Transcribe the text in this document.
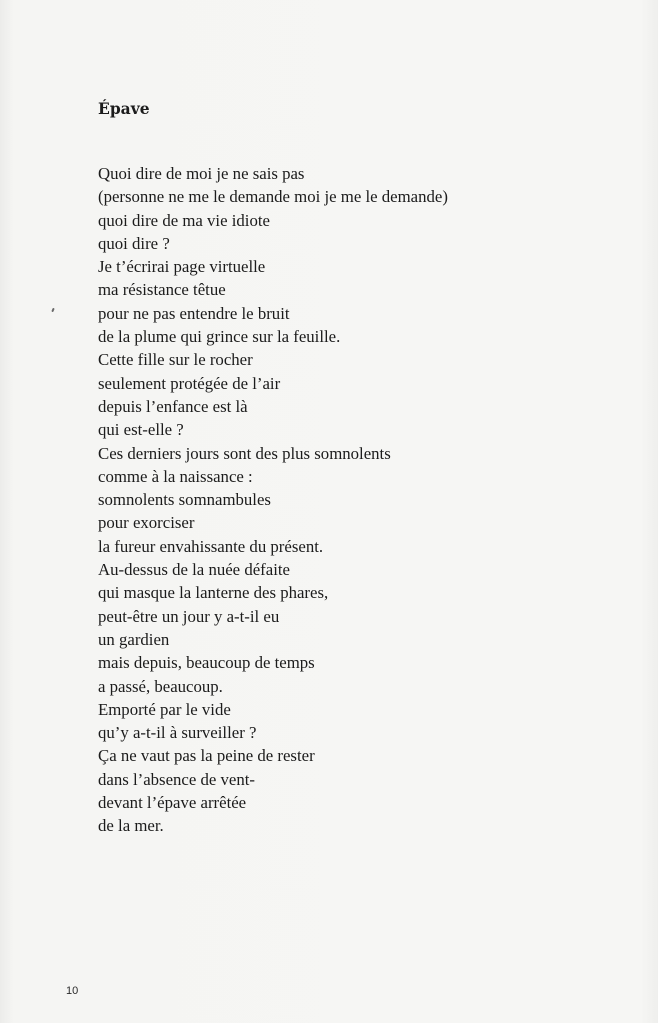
Épave
Quoi dire de moi je ne sais pas
(personne ne me le demande moi je me le demande)
quoi dire de ma vie idiote
quoi dire ?
Je t’écrirai page virtuelle
ma résistance têtue
pour ne pas entendre le bruit
de la plume qui grince sur la feuille.
Cette fille sur le rocher
seulement protégée de l’air
depuis l’enfance est là
qui est-elle ?
Ces derniers jours sont des plus somnolents
comme à la naissance :
somnolents somnambules
pour exorciser
la fureur envahissante du présent.
Au-dessus de la nuée défaite
qui masque la lanterne des phares,
peut-être un jour y a-t-il eu
un gardien
mais depuis, beaucoup de temps
a passé, beaucoup.
Emporté par le vide
qu’y a-t-il à surveiller ?
Ça ne vaut pas la peine de rester
dans l’absence de vent-
devant l’épave arrêtée
de la mer.
10
